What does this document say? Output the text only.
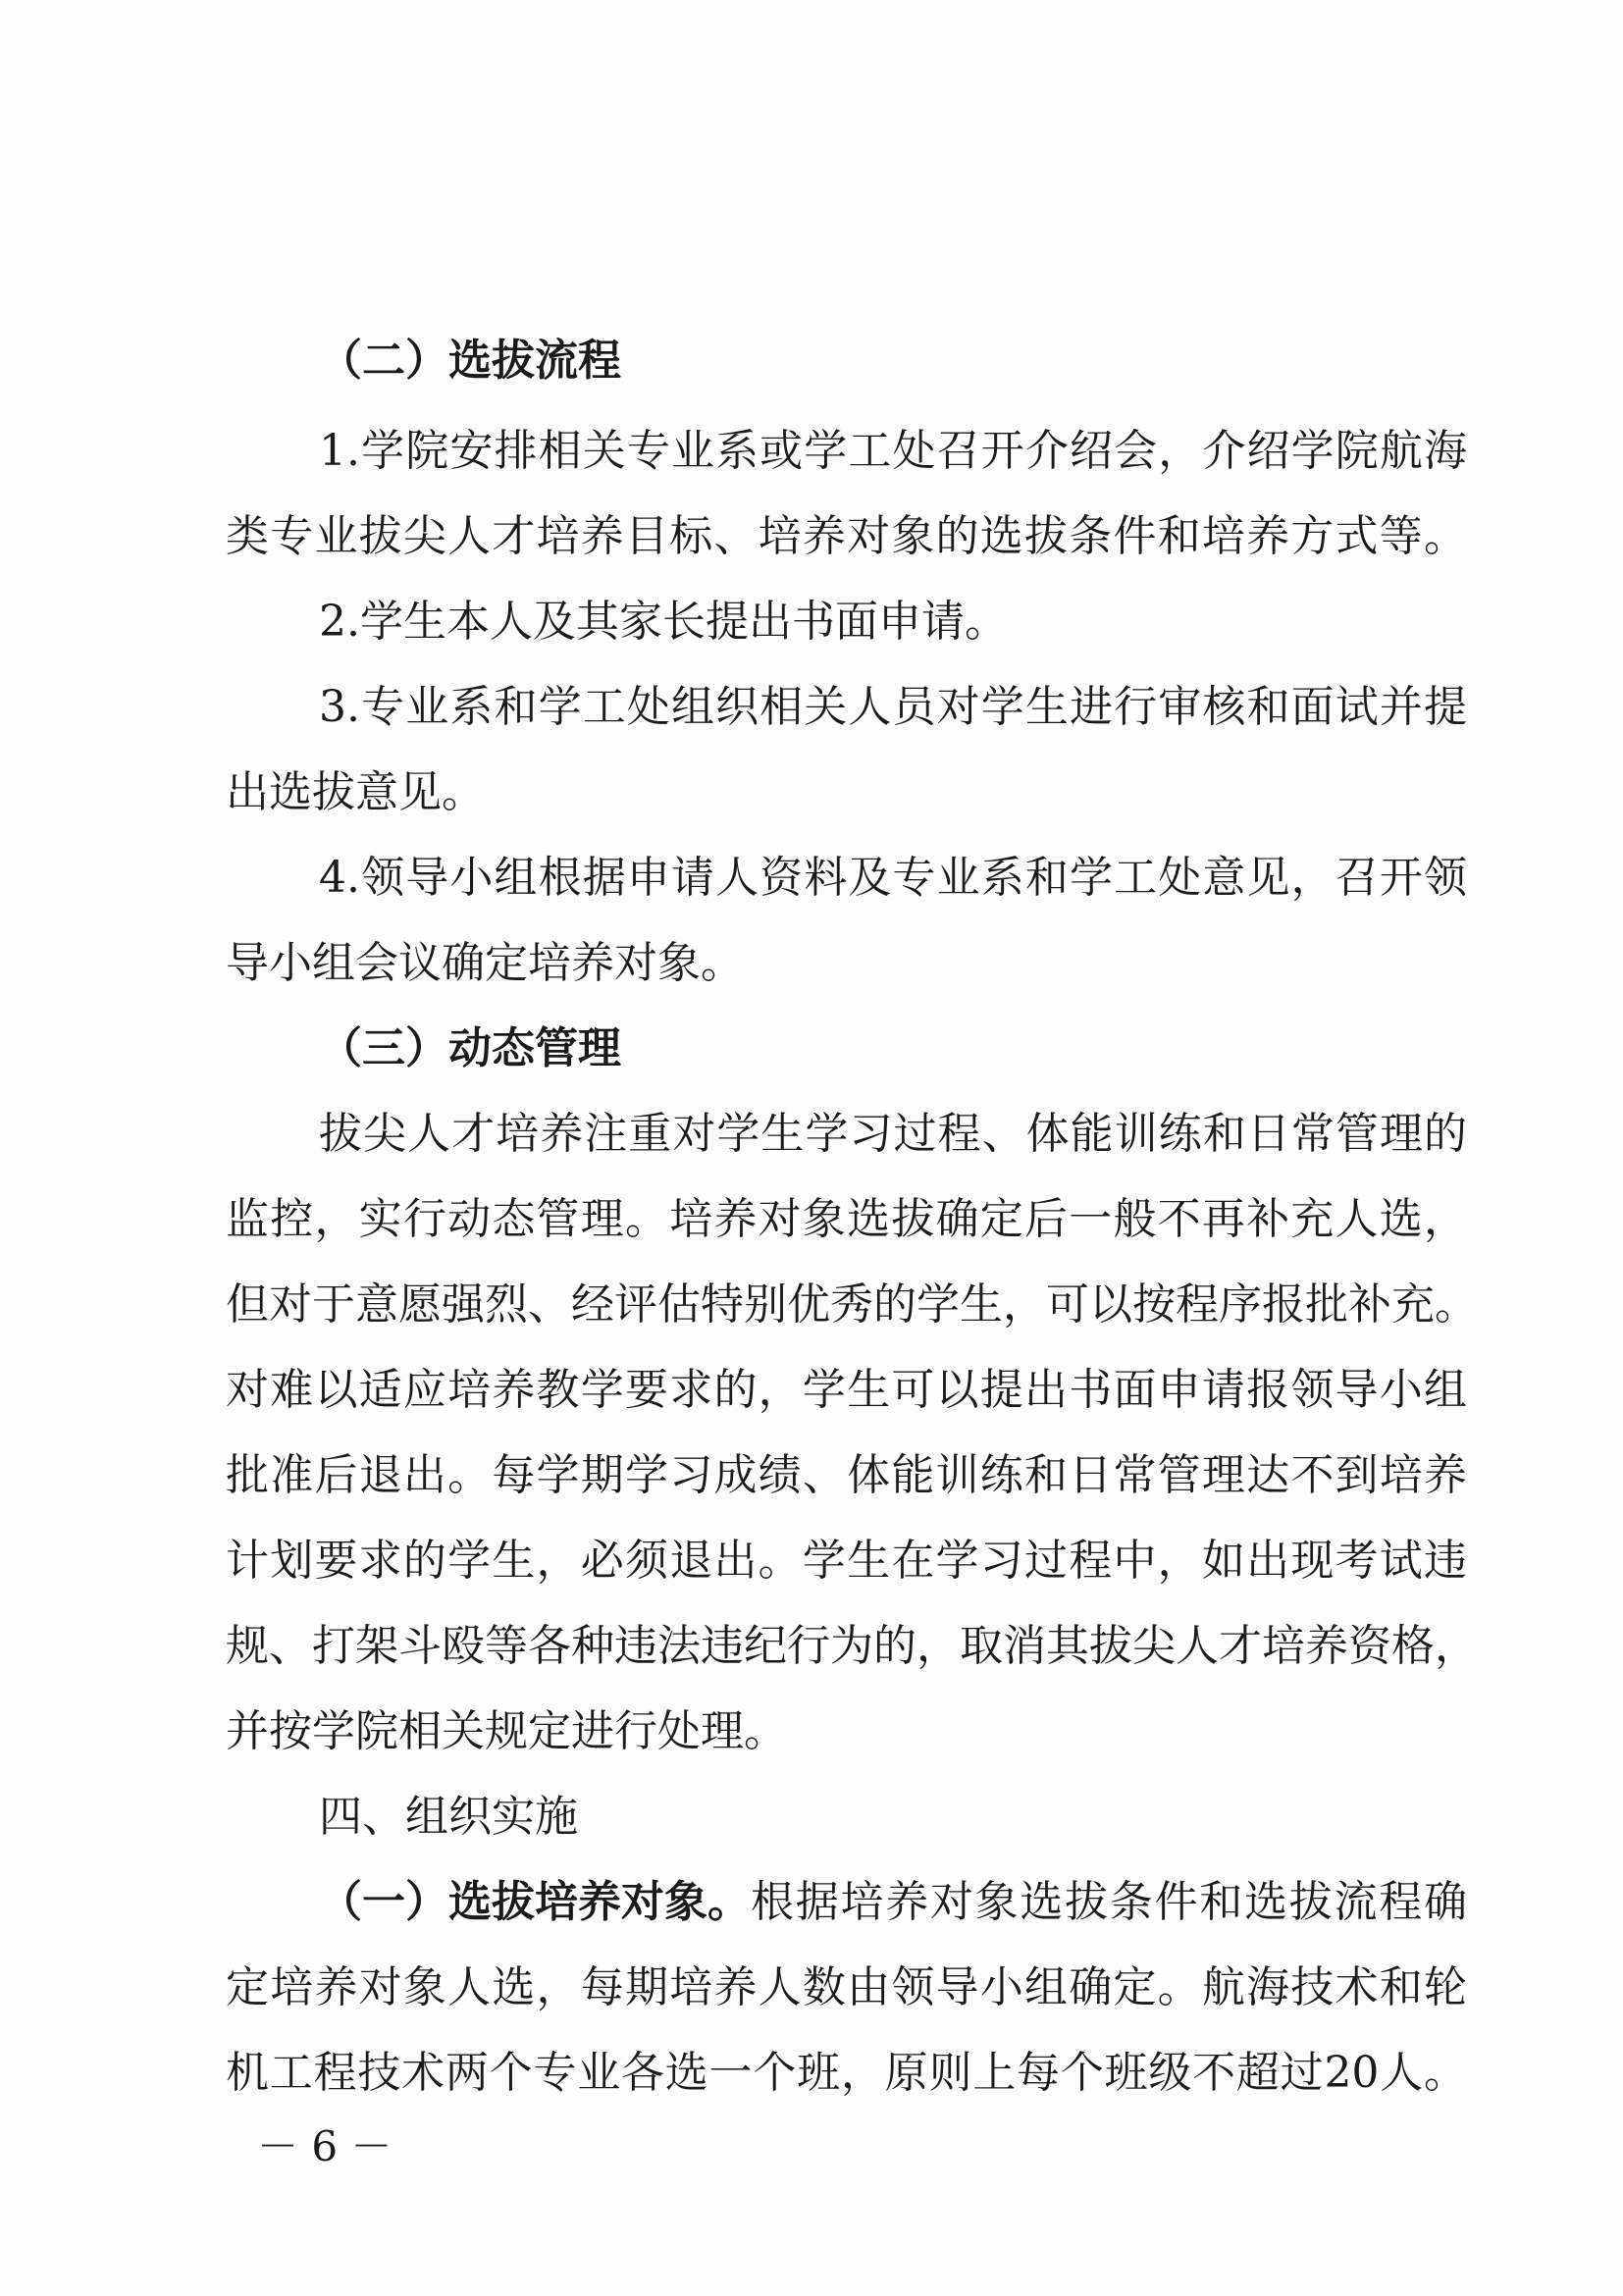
（二）选拔流程
1.学院安排相关专业系或学工处召开介绍会，介绍学院航海
类专业拔尖人才培养目标、培养对象的选拔条件和培养方式等。
2.学生本人及其家长提出书面申请。
3.专业系和学工处组织相关人员对学生进行审核和面试并提
出选拔意见。
4.领导小组根据申请人资料及专业系和学工处意见，召开领
导小组会议确定培养对象。
（三）动态管理
拔尖人才培养注重对学生学习过程、体能训练和日常管理的
监控，实行动态管理。培养对象选拔确定后一般不再补充人选，
但对于意愿强烈、经评估特别优秀的学生，可以按程序报批补充。
对难以适应培养教学要求的，学生可以提出书面申请报领导小组
批准后退出。每学期学习成绩、体能训练和日常管理达不到培养
计划要求的学生，必须退出。学生在学习过程中，如出现考试违
规、打架斗殴等各种违法违纪行为的，取消其拔尖人才培养资格，
并按学院相关规定进行处理。
四、组织实施
（一）选拔培养对象。 根据培养对象选拔条件和选拔流程确
定培养对象人选，每期培养人数由领导小组确定。航海技术和轮
机工程技术两个专业各选一个班，原则上每个班级不超过20人。
－ 6 －
